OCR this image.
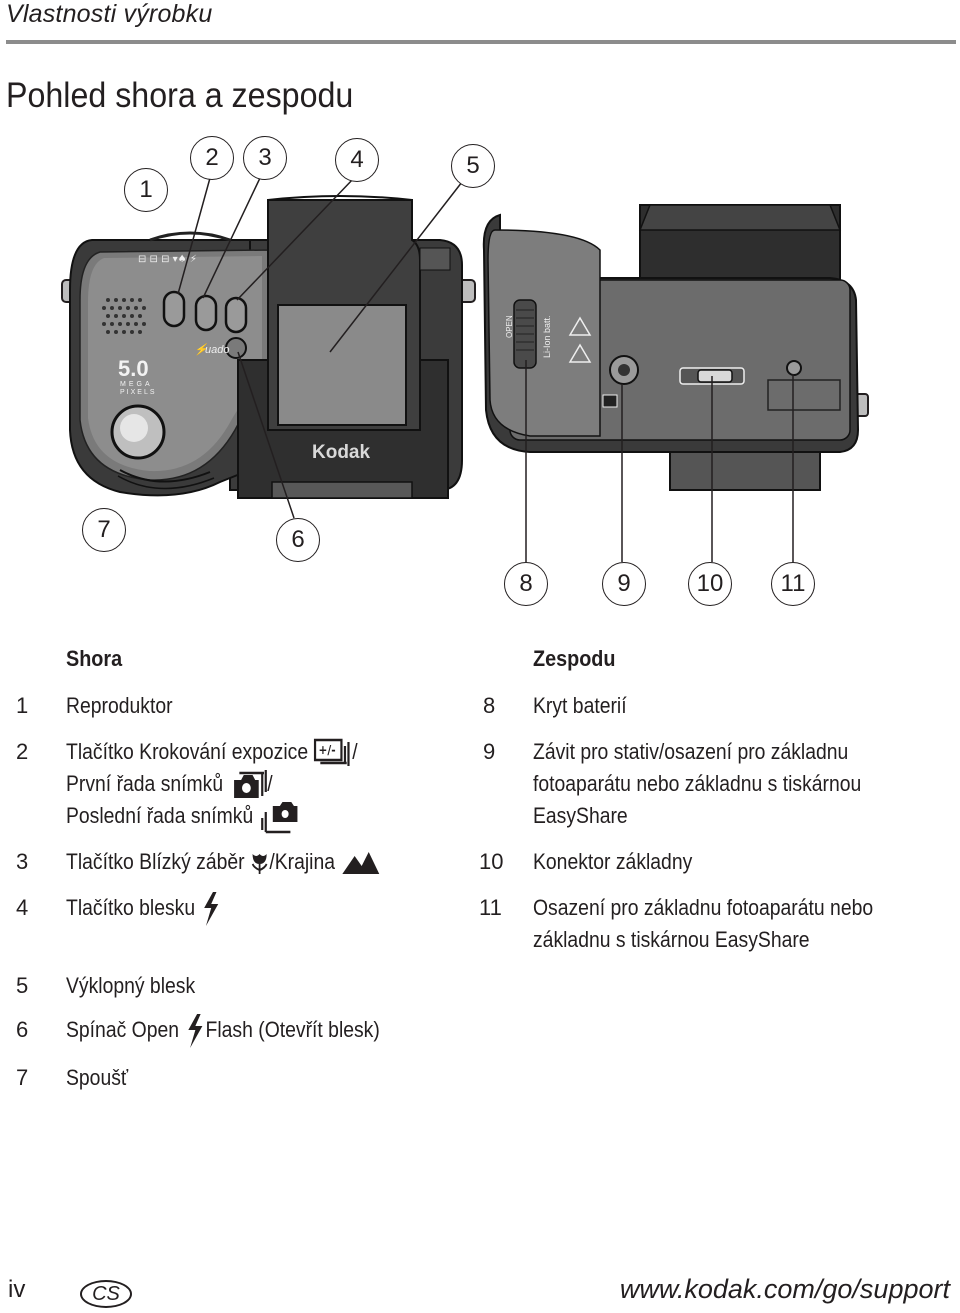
Vlastnosti výrobku
Pohled shora a zespodu
⚡
uado
⊟ ⊟ ⊟ ▾♠ ⚡
5.0
MEGA
PIXELS
Kodak
OPEN	Li-Ion batt.
1
2	3	4	5
6
7
8	9	10	11
Shora
1 Reproduktor
2 Tlačítko Krokování expozice +/- /
První řada snímků /
Poslední řada snímků
3 Tlačítko Blízký záběr /Krajina
4 Tlačítko blesku
5 Výklopný blesk
6 Spínač Open Flash (Otevřít blesk)
7 Spoušť
Zespodu
8 Kryt baterií
9 Závit pro stativ/osazení pro základnu
fotoaparátu nebo základnu s tiskárnou
EasyShare
10 Konektor základny
11 Osazení pro základnu fotoaparátu nebo
základnu s tiskárnou EasyShare
iv	CS	www.kodak.com/go/support
